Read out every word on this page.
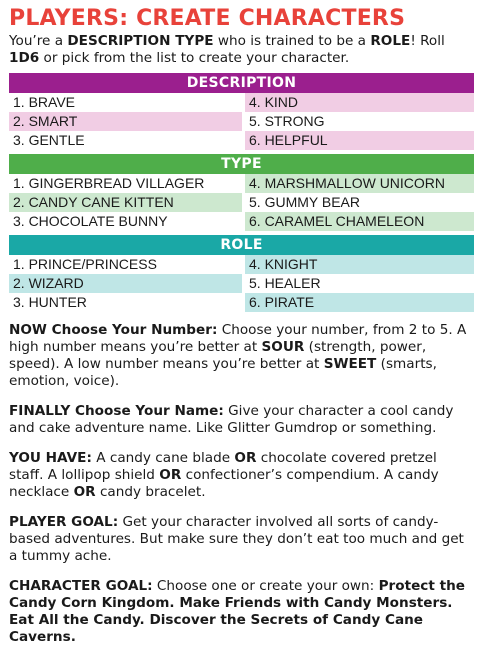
PLAYERS: CREATE CHARACTERS

You’re a DESCRIPTION TYPE who is trained to be a ROLE! Roll 1D6 or pick from the list to create your character.

DESCRIPTION
1. BRAVE	4. KIND
2. SMART	5. STRONG
3. GENTLE	6. HELPFUL
TYPE
1. GINGERBREAD VILLAGER	4. MARSHMALLOW UNICORN
2. CANDY CANE KITTEN	5. GUMMY BEAR
3. CHOCOLATE BUNNY	6. CARAMEL CHAMELEON
ROLE
1. PRINCE/PRINCESS	4. KNIGHT
2. WIZARD	5. HEALER
3. HUNTER	6. PIRATE

NOW Choose Your Number: Choose your number, from 2 to 5. A high number means you’re better at SOUR (strength, power, speed). A low number means you’re better at SWEET (smarts, emotion, voice).

FINALLY Choose Your Name: Give your character a cool candy and cake adventure name. Like Glitter Gumdrop or something.

YOU HAVE: A candy cane blade OR chocolate covered pretzel staff. A lollipop shield OR confectioner’s compendium. A candy necklace OR candy bracelet.

PLAYER GOAL: Get your character involved all sorts of candy-based adventures. But make sure they don’t eat too much and get a tummy ache.

CHARACTER GOAL: Choose one or create your own: Protect the Candy Corn Kingdom. Make Friends with Candy Monsters. Eat All the Candy. Discover the Secrets of Candy Cane Caverns.
